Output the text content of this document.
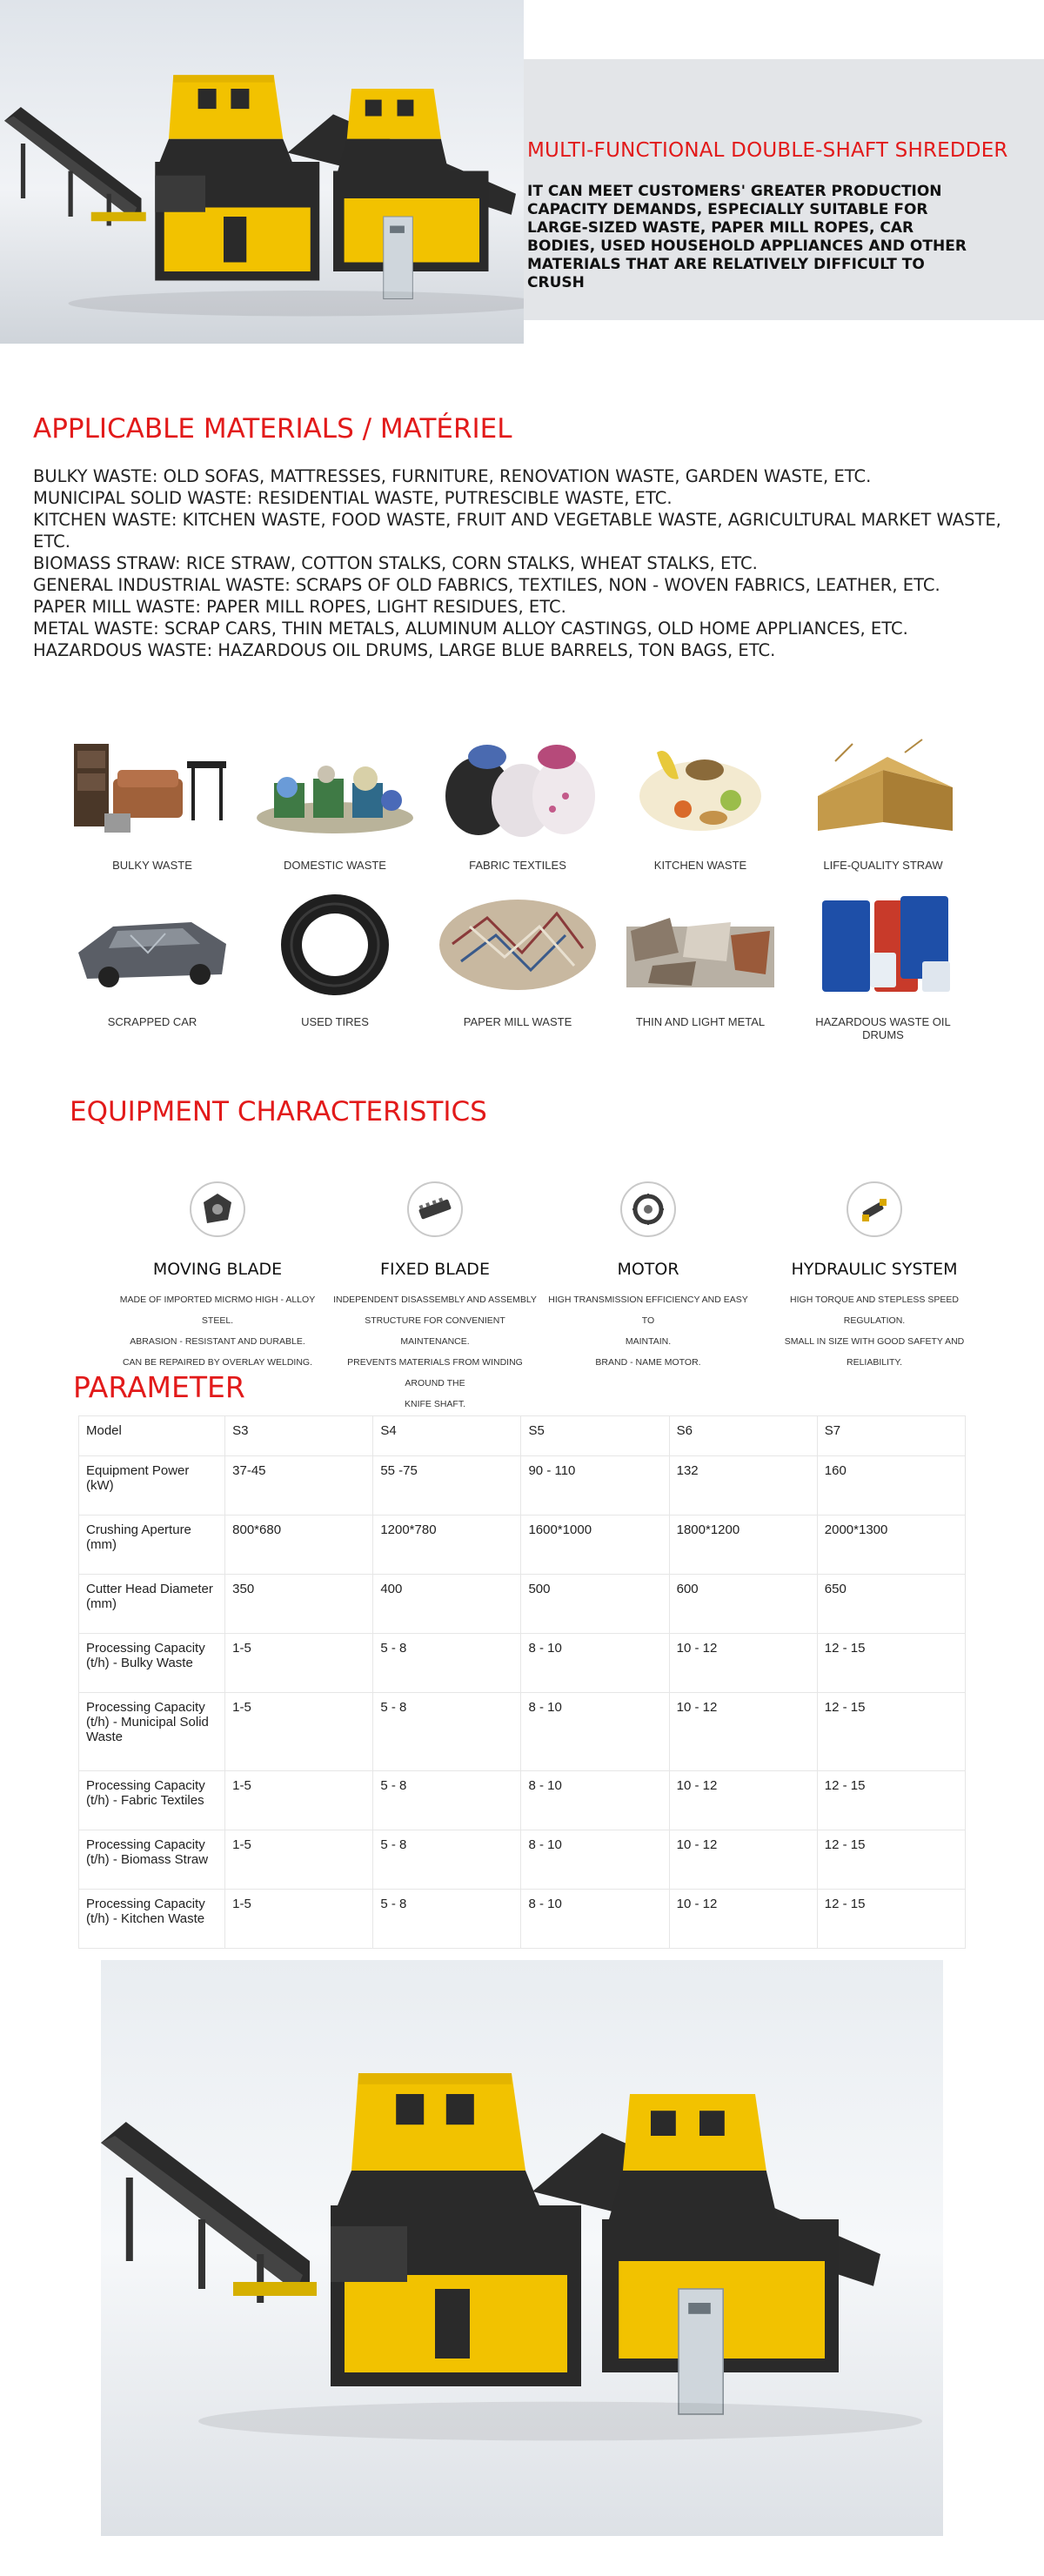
MULTI-FUNCTIONAL DOUBLE-SHAFT SHREDDER
IT CAN MEET CUSTOMERS' GREATER PRODUCTION CAPACITY DEMANDS, ESPECIALLY SUITABLE FOR LARGE-SIZED WASTE, PAPER MILL ROPES, CAR BODIES, USED HOUSEHOLD APPLIANCES AND OTHER MATERIALS THAT ARE RELATIVELY DIFFICULT TO CRUSH
APPLICABLE MATERIALS / MATÉRIEL

BULKY WASTE: OLD SOFAS, MATTRESSES, FURNITURE, RENOVATION WASTE, GARDEN WASTE, ETC.

MUNICIPAL SOLID WASTE: RESIDENTIAL WASTE, PUTRESCIBLE WASTE, ETC.

KITCHEN WASTE: KITCHEN WASTE, FOOD WASTE, FRUIT AND VEGETABLE WASTE, AGRICULTURAL MARKET WASTE, ETC.

BIOMASS STRAW: RICE STRAW, COTTON STALKS, CORN STALKS, WHEAT STALKS, ETC.

GENERAL INDUSTRIAL WASTE: SCRAPS OF OLD FABRICS, TEXTILES, NON - WOVEN FABRICS, LEATHER, ETC.

PAPER MILL WASTE: PAPER MILL ROPES, LIGHT RESIDUES, ETC.

METAL WASTE: SCRAP CARS, THIN METALS, ALUMINUM ALLOY CASTINGS, OLD HOME APPLIANCES, ETC.

HAZARDOUS WASTE: HAZARDOUS OIL DRUMS, LARGE BLUE BARRELS, TON BAGS, ETC.

BULKY WASTE	DOMESTIC WASTE	FABRIC TEXTILES	KITCHEN WASTE	LIFE-QUALITY STRAW
SCRAPPED CAR	USED TIRES	PAPER MILL WASTE	THIN AND LIGHT METAL	HAZARDOUS WASTE OIL DRUMS
EQUIPMENT CHARACTERISTICS
MOVING BLADE
MADE OF IMPORTED MICRMO HIGH - ALLOY STEEL.
ABRASION - RESISTANT AND DURABLE.
CAN BE REPAIRED BY OVERLAY WELDING.
FIXED BLADE
INDEPENDENT DISASSEMBLY AND ASSEMBLY
STRUCTURE FOR CONVENIENT MAINTENANCE.
PREVENTS MATERIALS FROM WINDING AROUND THE
KNIFE SHAFT.
MOTOR
HIGH TRANSMISSION EFFICIENCY AND EASY TO
MAINTAIN.
BRAND - NAME MOTOR.
HYDRAULIC SYSTEM
HIGH TORQUE AND STEPLESS SPEED REGULATION.
SMALL IN SIZE WITH GOOD SAFETY AND RELIABILITY.
PARAMETER
Model	S3	S4	S5	S6	S7
Equipment Power (kW)	37-45	55 -75	90 - 110	132	160
Crushing Aperture (mm)	800*680	1200*780	1600*1000	1800*1200	2000*1300
Cutter Head Diameter (mm)	350	400	500	600	650
Processing Capacity (t/h) - Bulky Waste	1-5	5 - 8	8 - 10	10 - 12	12 - 15
Processing Capacity (t/h) - Municipal Solid Waste	1-5	5 - 8	8 - 10	10 - 12	12 - 15
Processing Capacity (t/h) - Fabric Textiles	1-5	5 - 8	8 - 10	10 - 12	12 - 15
Processing Capacity (t/h) - Biomass Straw	1-5	5 - 8	8 - 10	10 - 12	12 - 15
Processing Capacity (t/h) - Kitchen Waste	1-5	5 - 8	8 - 10	10 - 12	12 - 15
